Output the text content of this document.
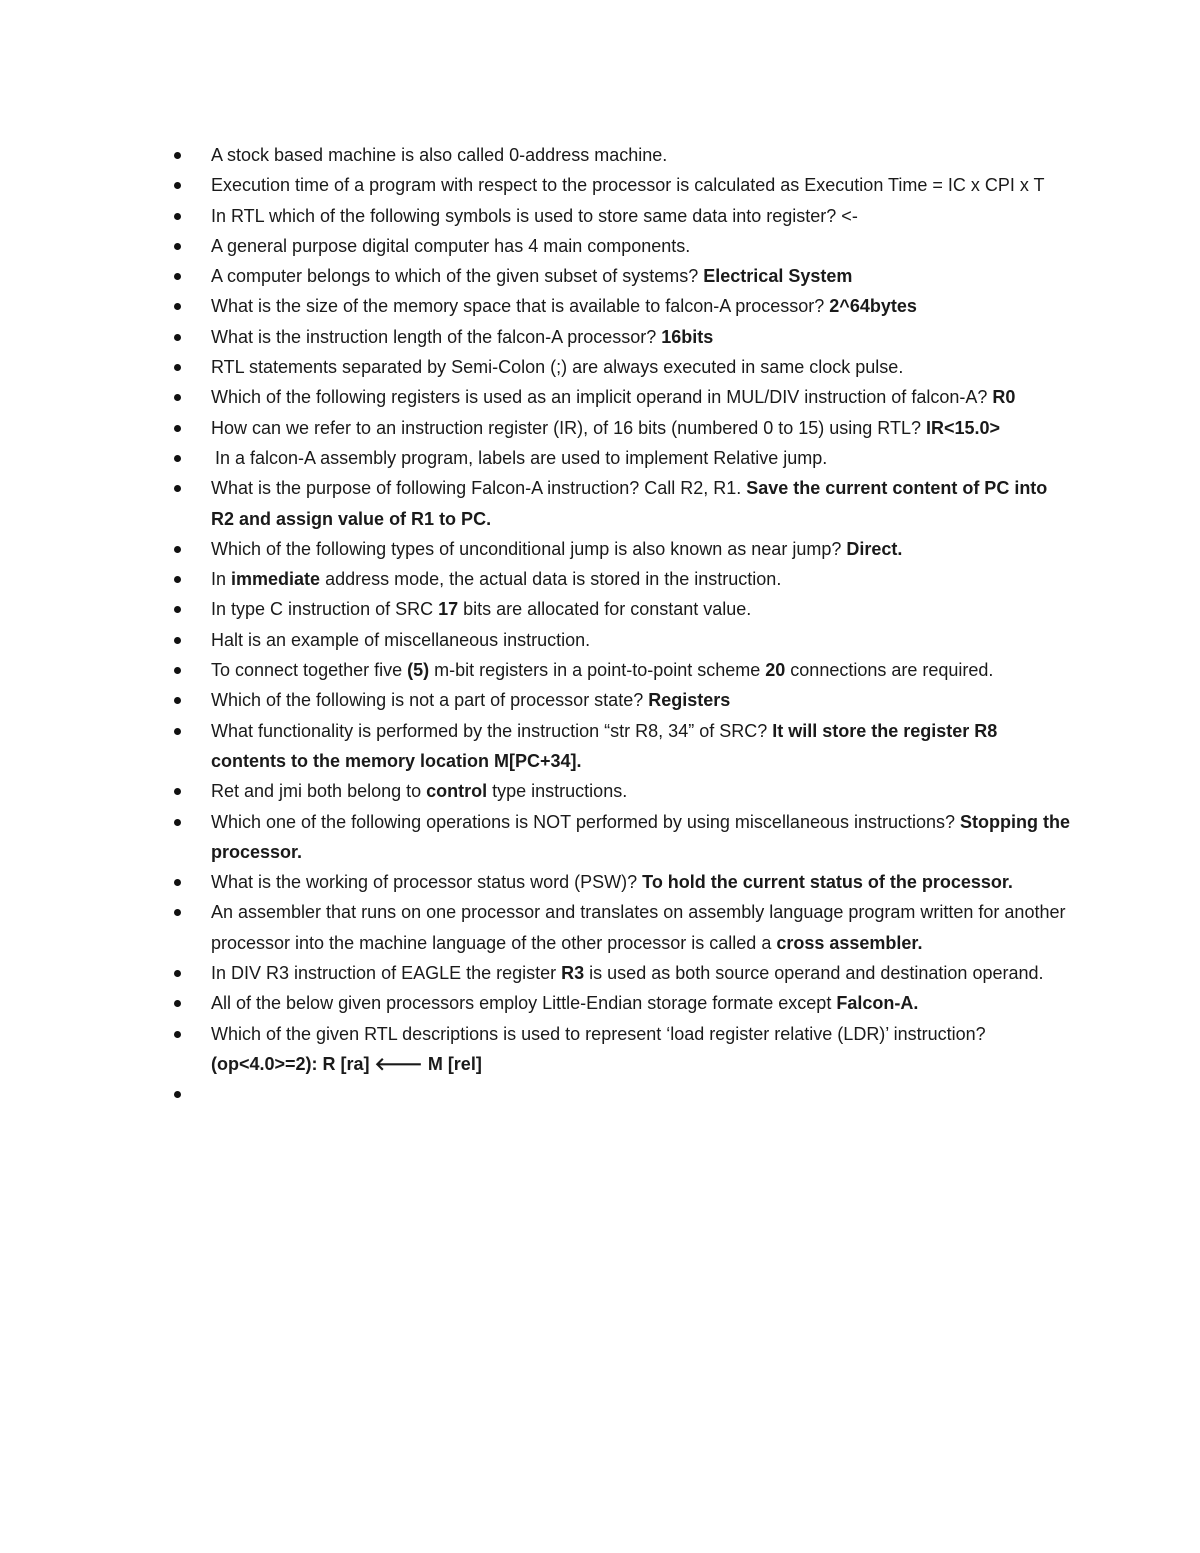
A stock based machine is also called 0-address machine.
Execution time of a program with respect to the processor is calculated as Execution Time = IC x CPI x T
In RTL which of the following symbols is used to store same data into register? <-
A general purpose digital computer has 4 main components.
A computer belongs to which of the given subset of systems? Electrical System
What is the size of the memory space that is available to falcon-A processor? 2^64bytes
What is the instruction length of the falcon-A processor? 16bits
RTL statements separated by Semi-Colon (;) are always executed in same clock pulse.
Which of the following registers is used as an implicit operand in MUL/DIV instruction of falcon-A? R0
How can we refer to an instruction register (IR), of 16 bits (numbered 0 to 15) using RTL? IR<15.0>
In a falcon-A assembly program, labels are used to implement Relative jump.
What is the purpose of following Falcon-A instruction? Call R2, R1. Save the current content of PC into R2 and assign value of R1 to PC.
Which of the following types of unconditional jump is also known as near jump? Direct.
In immediate address mode, the actual data is stored in the instruction.
In type C instruction of SRC 17 bits are allocated for constant value.
Halt is an example of miscellaneous instruction.
To connect together five (5) m-bit registers in a point-to-point scheme 20 connections are required.
Which of the following is not a part of processor state? Registers
What functionality is performed by the instruction “str R8, 34” of SRC? It will store the register R8 contents to the memory location M[PC+34].
Ret and jmi both belong to control type instructions.
Which one of the following operations is NOT performed by using miscellaneous instructions? Stopping the processor.
What is the working of processor status word (PSW)? To hold the current status of the processor.
An assembler that runs on one processor and translates on assembly language program written for another processor into the machine language of the other processor is called a cross assembler.
In DIV R3 instruction of EAGLE the register R3 is used as both source operand and destination operand.
All of the below given processors employ Little-Endian storage formate except Falcon-A.
Which of the given RTL descriptions is used to represent ‘load register relative (LDR)’ instruction?
(op<4.0>=2): R [ra] 🡐 M [rel]
